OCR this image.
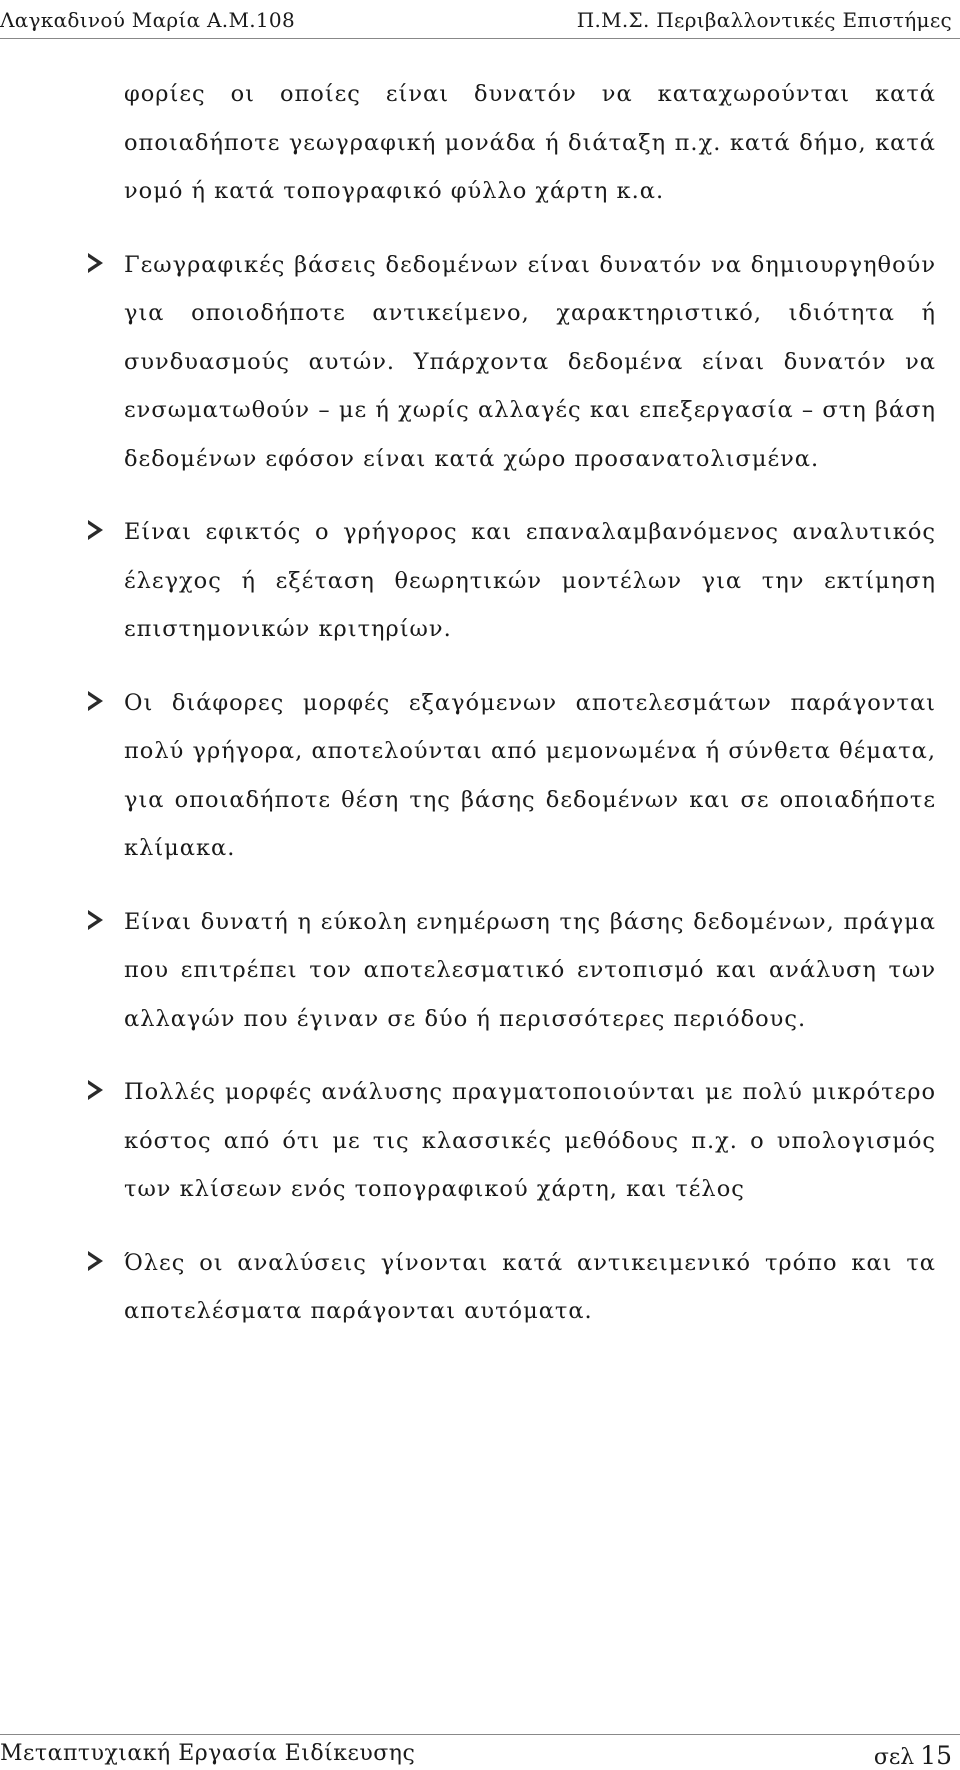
Λαγκαδινού Μαρία Α.Μ.108	Π.Μ.Σ. Περιβαλλοντικές Επιστήμες

φορίες οι οποίες είναι δυνατόν να καταχωρούνται κατά οποιαδήποτε γεωγραφική μονάδα ή διάταξη π.χ. κατά δήμο, κατά νομό ή κατά τοπογραφικό φύλλο χάρτη κ.α.

Γεωγραφικές βάσεις δεδομένων είναι δυνατόν να δημιουργηθούν για οποιοδήποτε αντικείμενο, χαρακτηριστικό, ιδιότητα ή συνδυασμούς αυτών. Υπάρχοντα δεδομένα είναι δυνατόν να ενσωματωθούν – με ή χωρίς αλλαγές και επεξεργασία – στη βάση δεδομένων εφόσον είναι κατά χώρο προσανατολισμένα.

Είναι εφικτός ο γρήγορος και επαναλαμβανόμενος αναλυτικός έλεγχος ή εξέταση θεωρητικών μοντέλων για την εκτίμηση επιστημονικών κριτηρίων.

Οι διάφορες μορφές εξαγόμενων αποτελεσμάτων παράγονται πολύ γρήγορα, αποτελούνται από μεμονωμένα ή σύνθετα θέματα, για οποιαδήποτε θέση της βάσης δεδομένων και σε οποιαδήποτε κλίμακα.

Είναι δυνατή η εύκολη ενημέρωση της βάσης δεδομένων, πράγμα που επιτρέπει τον αποτελεσματικό εντοπισμό και ανάλυση των αλλαγών που έγιναν σε δύο ή περισσότερες περιόδους.

Πολλές μορφές ανάλυσης πραγματοποιούνται με πολύ μικρότερο κόστος από ότι με τις κλασσικές μεθόδους π.χ. ο υπολογισμός των κλίσεων ενός τοπογραφικού χάρτη, και τέλος

Όλες οι αναλύσεις γίνονται κατά αντικειμενικό τρόπο και τα αποτελέσματα παράγονται αυτόματα.

Μεταπτυχιακή Εργασία Ειδίκευσης	σελ 15
